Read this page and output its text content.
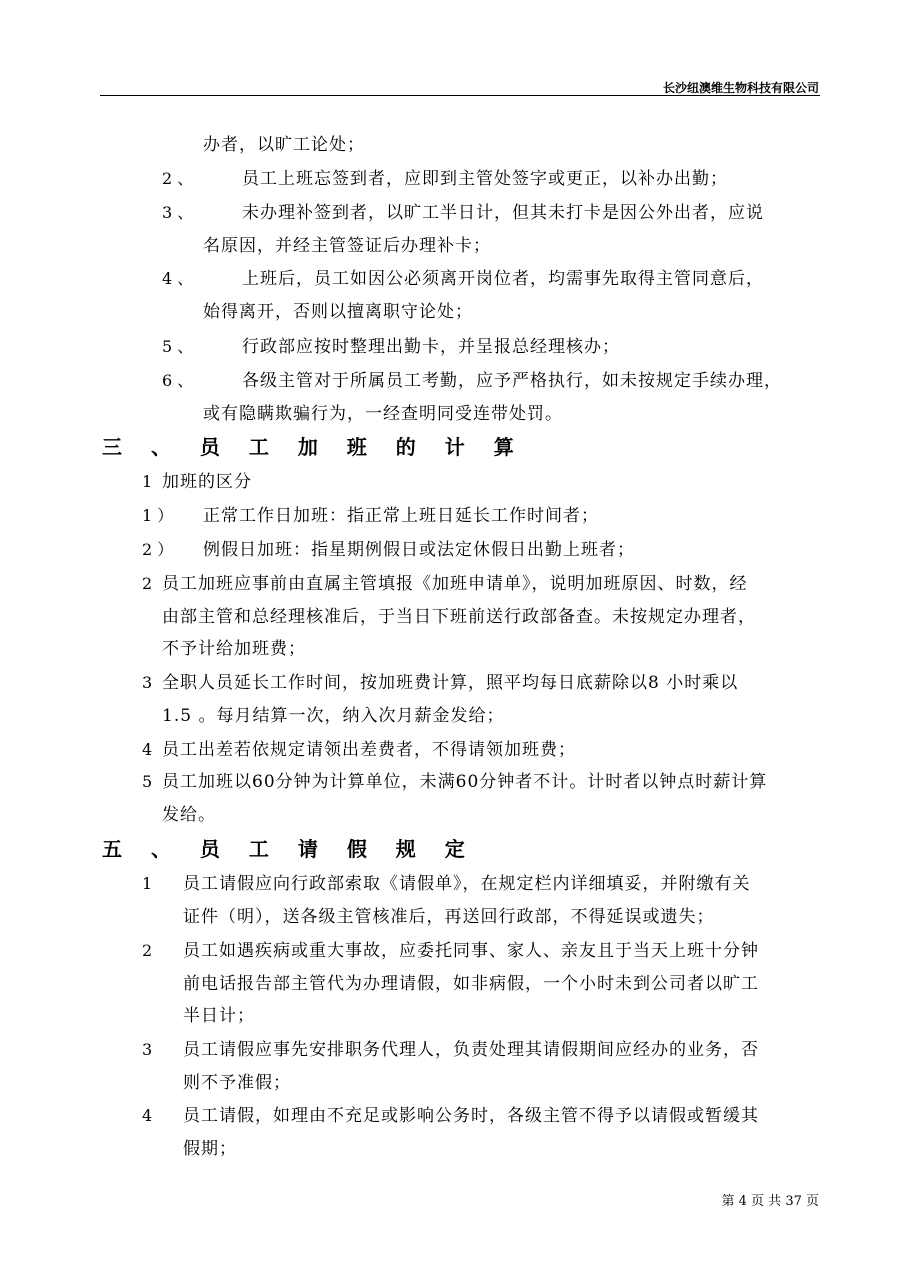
长沙纽澳维生物科技有限公司
办者，以旷工论处；
2 、	员工上班忘签到者，应即到主管处签字或更正，以补办出勤；
3 、	未办理补签到者，以旷工半日计，但其未打卡是因公外出者，应说
名原因，并经主管签证后办理补卡；
4 、	上班后，员工如因公必须离开岗位者，均需事先取得主管同意后，
始得离开，否则以擅离职守论处；
5 、	行政部应按时整理出勤卡，并呈报总经理核办；
6 、	各级主管对于所属员工考勤，应予严格执行，如未按规定手续办理，
或有隐瞒欺骗行为，一经查明同受连带处罚。
三 、 员 工 加 班 的 计 算
1 加班的区分
1 ） 正常工作日加班：指正常上班日延长工作时间者；
2 ） 例假日加班：指星期例假日或法定休假日出勤上班者；
2 员工加班应事前由直属主管填报《加班申请单》，说明加班原因、时数，经
由部主管和总经理核准后，于当日下班前送行政部备查。未按规定办理者，
不予计给加班费；
3 全职人员延长工作时间，按加班费计算，照平均每日底薪除以8 小时乘以
1.5 。每月结算一次，纳入次月薪金发给；
4 员工出差若依规定请领出差费者，不得请领加班费；
5 员工加班以60分钟为计算单位，未满60分钟者不计。计时者以钟点时薪计算
发给。
五 、 员 工 请 假 规 定
1 员工请假应向行政部索取《请假单》，在规定栏内详细填妥，并附缴有关
证件（明），送各级主管核准后，再送回行政部，不得延误或遗失；
2 员工如遇疾病或重大事故，应委托同事、家人、亲友且于当天上班十分钟
前电话报告部主管代为办理请假，如非病假，一个小时未到公司者以旷工
半日计；
3 员工请假应事先安排职务代理人，负责处理其请假期间应经办的业务，否
则不予准假；
4 员工请假，如理由不充足或影响公务时，各级主管不得予以请假或暂缓其
假期；
第 4 页 共 37 页
